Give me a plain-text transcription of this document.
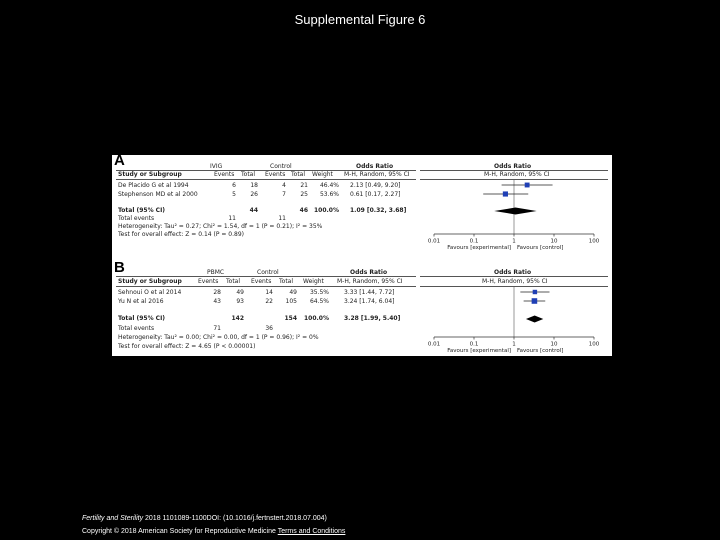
Supplemental Figure 6
A	IVIG	Control	Odds Ratio	Odds Ratio
Study or Subgroup	Events Total Events Total Weight M-H, Random, 95% CI	M-H, Random, 95% CI
De Placido G et al 1994	6	18	4	21	46.4% 2.13 [0.49, 9.20]
Stephenson MD et al 2000	5	26	7	25	53.6% 0.61 [0.17, 2.27]
Total (95% CI)	44	46	100.0% 1.09 [0.32, 3.68]
Total events	11	11
Heterogeneity: Tau² = 0.27; Chi² = 1.54, df = 1 (P = 0.21); I² = 35%
Test for overall effect: Z = 0.14 (P = 0.89)
0.01	0.1	1	10	100
Favours [experimental] Favours [control]
B	PBMC	Control	Odds Ratio	Odds Ratio
Study or Subgroup	Events Total Events Total Weight M-H, Random, 95% CI	M-H, Random, 95% CI
Sehnoui O et al 2014	28	49	14	49	35.5%	3.33 [1.44, 7.72]
Yu N et al 2016	43	93	22	105	64.5%	3.24 [1.74, 6.04]
Total (95% CI)	142	154	100.0%	3.28 [1.99, 5.40]
Total events	71	36
Heterogeneity: Tau² = 0.00; Chi² = 0.00, df = 1 (P = 0.96); I² = 0%
Test for overall effect: Z = 4.65 (P < 0.00001)	0.01	0.1	1	10	100
Favours [experimental] Favours [control]
Fertility and Sterility 2018 1101089-1100DOI: (10.1016/j.fertnstert.2018.07.004)
Copyright © 2018 American Society for Reproductive Medicine Terms and Conditions
